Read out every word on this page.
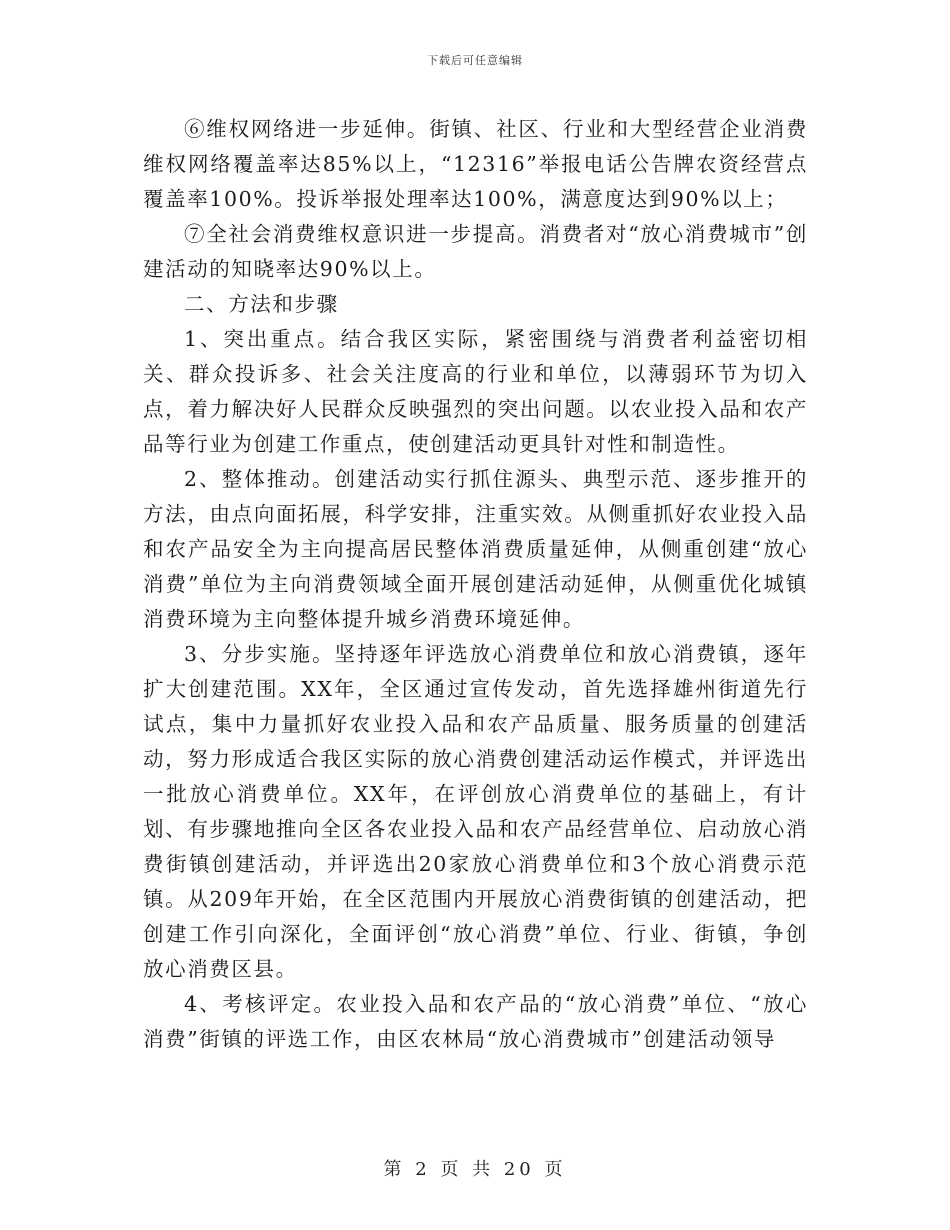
下载后可任意编辑

⑥维权网络进一步延伸。街镇、社区、行业和大型经营企业消费维权网络覆盖率达85%以上，“12316”举报电话公告牌农资经营点覆盖率100%。投诉举报处理率达100%，满意度达到90%以上；

⑦全社会消费维权意识进一步提高。消费者对“放心消费城市”创建活动的知晓率达90%以上。

二、方法和步骤

1、突出重点。结合我区实际，紧密围绕与消费者利益密切相关、群众投诉多、社会关注度高的行业和单位，以薄弱环节为切入点，着力解决好人民群众反映强烈的突出问题。以农业投入品和农产品等行业为创建工作重点，使创建活动更具针对性和制造性。

2、整体推动。创建活动实行抓住源头、典型示范、逐步推开的方法，由点向面拓展，科学安排，注重实效。从侧重抓好农业投入品和农产品安全为主向提高居民整体消费质量延伸，从侧重创建“放心消费”单位为主向消费领域全面开展创建活动延伸，从侧重优化城镇消费环境为主向整体提升城乡消费环境延伸。

3、分步实施。坚持逐年评选放心消费单位和放心消费镇，逐年扩大创建范围。XX年，全区通过宣传发动，首先选择雄州街道先行试点，集中力量抓好农业投入品和农产品质量、服务质量的创建活动，努力形成适合我区实际的放心消费创建活动运作模式，并评选出一批放心消费单位。XX年，在评创放心消费单位的基础上，有计划、有步骤地推向全区各农业投入品和农产品经营单位、启动放心消费街镇创建活动，并评选出20家放心消费单位和3个放心消费示范镇。从209年开始，在全区范围内开展放心消费街镇的创建活动，把创建工作引向深化，全面评创“放心消费”单位、行业、街镇，争创放心消费区县。

4、考核评定。农业投入品和农产品的“放心消费”单位、“放心消费”街镇的评选工作，由区农林局“放心消费城市”创建活动领导

第 2 页 共 20 页
